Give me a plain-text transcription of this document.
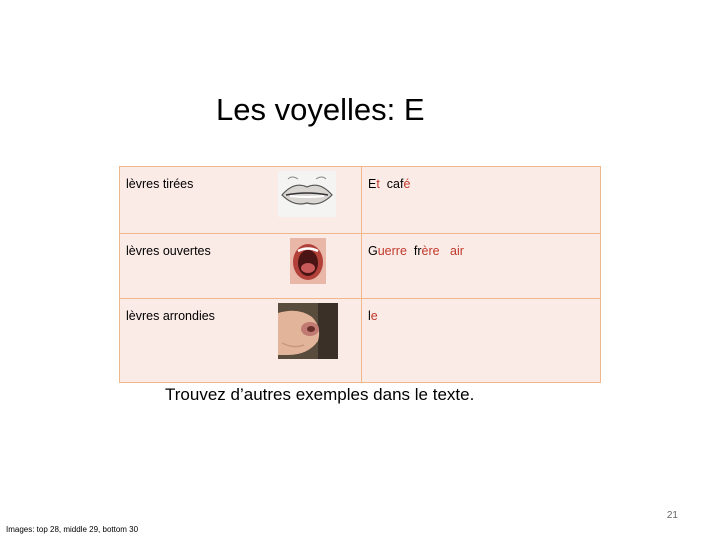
Les voyelles: E
lèvres tirées		Et  café
lèvres ouvertes		Guerre  frère air
lèvres arrondies		le
Trouvez d’autres exemples dans le texte.
21
Images: top 28, middle 29, bottom 30
